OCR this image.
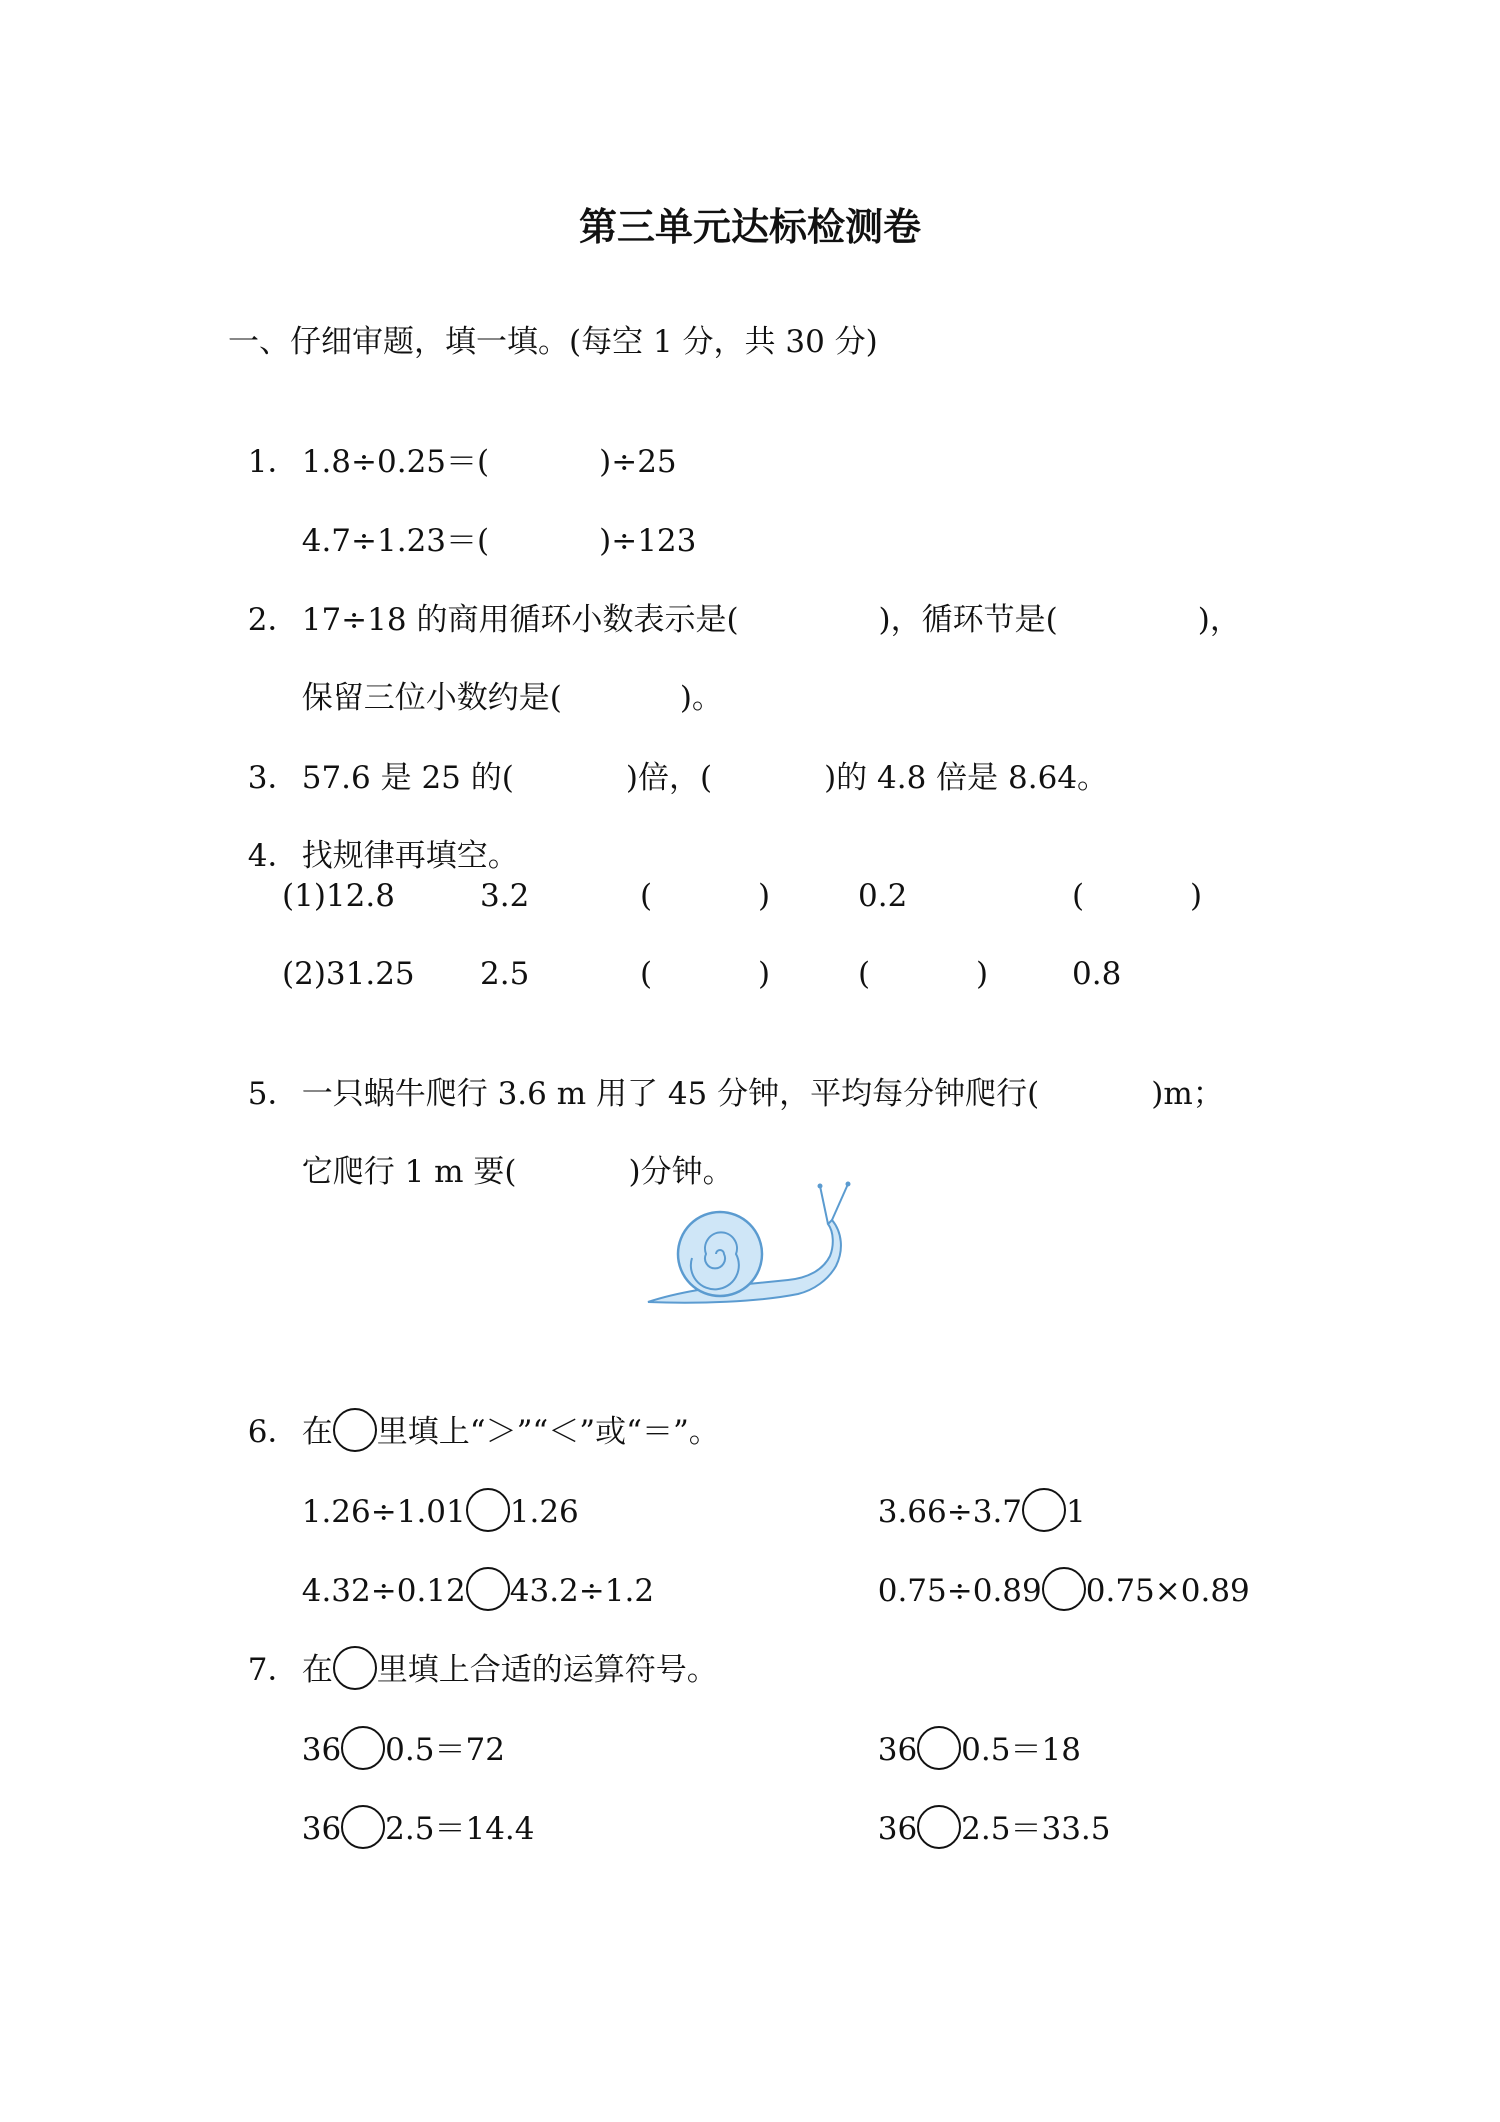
第三单元达标检测卷
一、仔细审题，填一填。(每空 1 分，共 30 分)

1． 1.8÷0.25＝(	)÷25

4.7÷1.23＝(	)÷123

2． 17÷18 的商用循环小数表示是(	)，循环节是(	)，

保留三位小数约是(	)。

3． 57.6 是 25 的(	)倍，(	)的 4.8 倍是 8.64。

4． 找规律再填空。

(1)12.8	3.2	(	)	0.2	(	)
(2)31.25 2.5	(	)	(	)	0.8

5． 一只蜗牛爬行 3.6 m 用了 45 分钟，平均每分钟爬行(	)m；

它爬行 1 m 要(	)分钟。

6． 在 里填上“＞”“＜”或“＝”。

1.26÷1.01 1.26	3.66÷3.7 1

4.32÷0.12 43.2÷1.2	0.75÷0.89 0.75×0.89

7． 在 里填上合适的运算符号。

36 0.5＝72	36 0.5＝18

36 2.5＝14.4	36 2.5＝33.5
